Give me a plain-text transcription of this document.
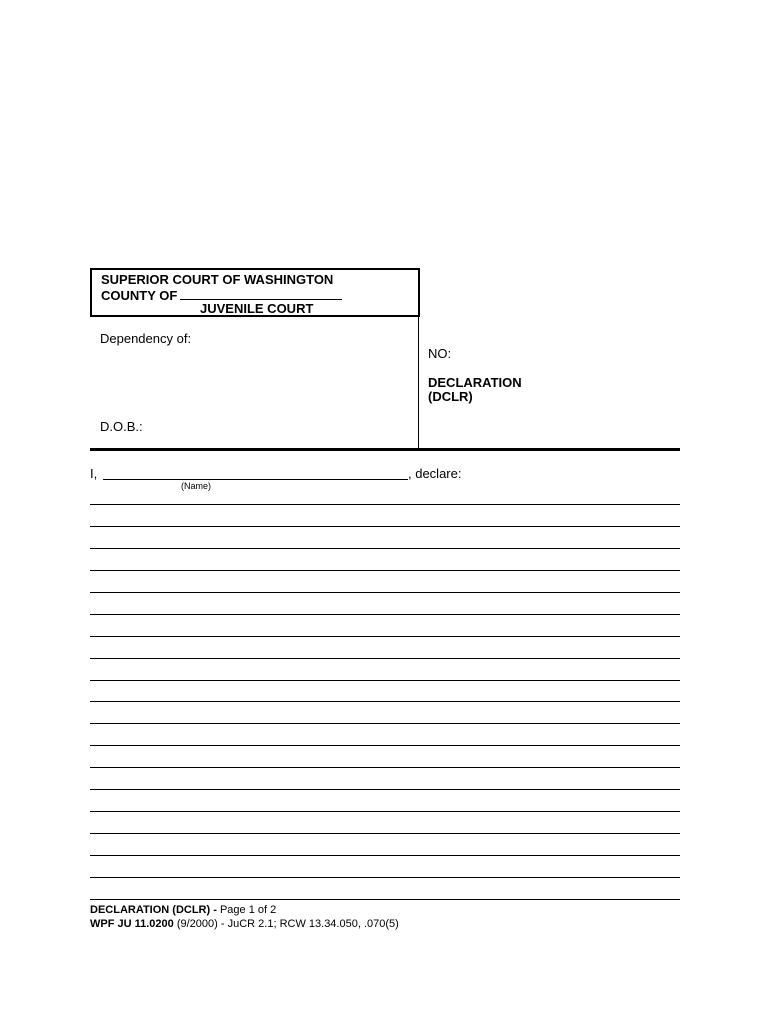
SUPERIOR COURT OF WASHINGTON
COUNTY OF
JUVENILE COURT
Dependency of:
D.O.B.:
NO:
DECLARATION
(DCLR)
I,	, declare:
(Name)
DECLARATION (DCLR) - Page 1 of 2
WPF JU 11.0200 (9/2000) - JuCR 2.1; RCW 13.34.050, .070(5)
